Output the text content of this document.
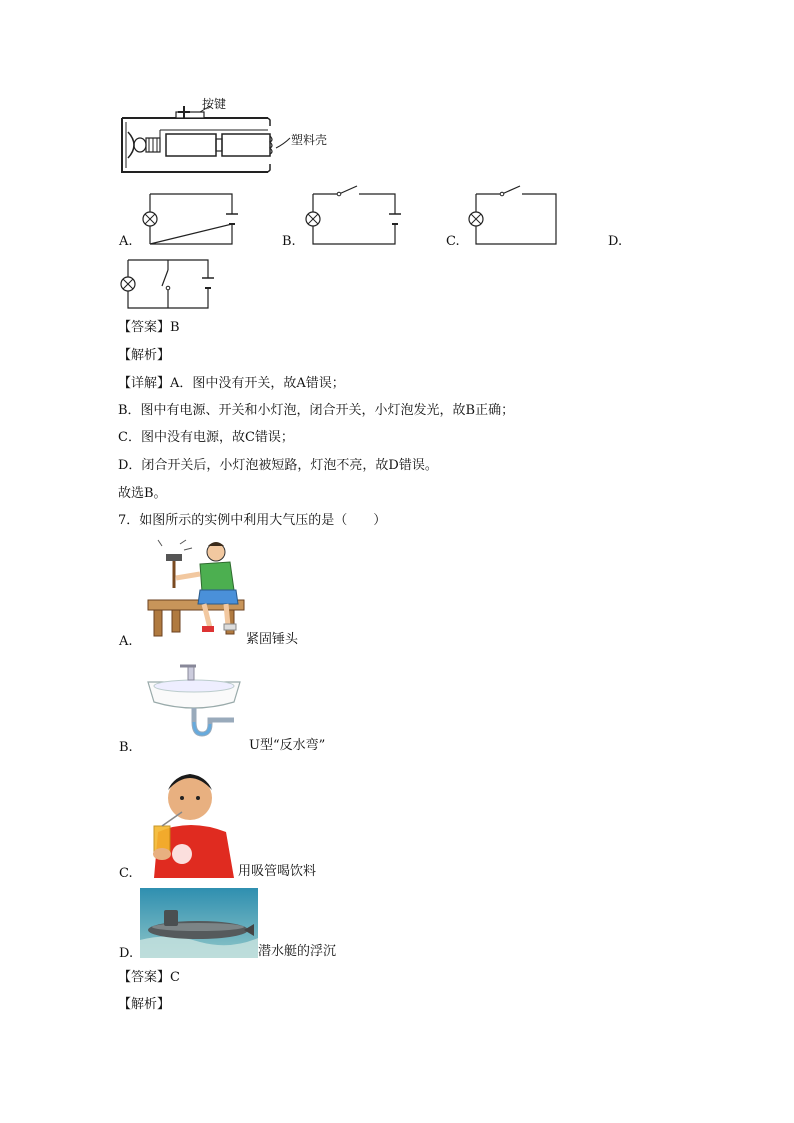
按键
塑料壳
A.	B.	C.	D.
【答案】B
【解析】
【详解】A．图中没有开关，故A错误；
B．图中有电源、开关和小灯泡，闭合开关，小灯泡发光，故B正确；
C．图中没有电源，故C错误；
D．闭合开关后，小灯泡被短路，灯泡不亮，故D错误。
故选B。
7．如图所示的实例中利用大气压的是（　　）
A.	紧固锤头
B.	U型“反水弯”
C.	用吸管喝饮料
D.	潜水艇的浮沉
【答案】C
【解析】
